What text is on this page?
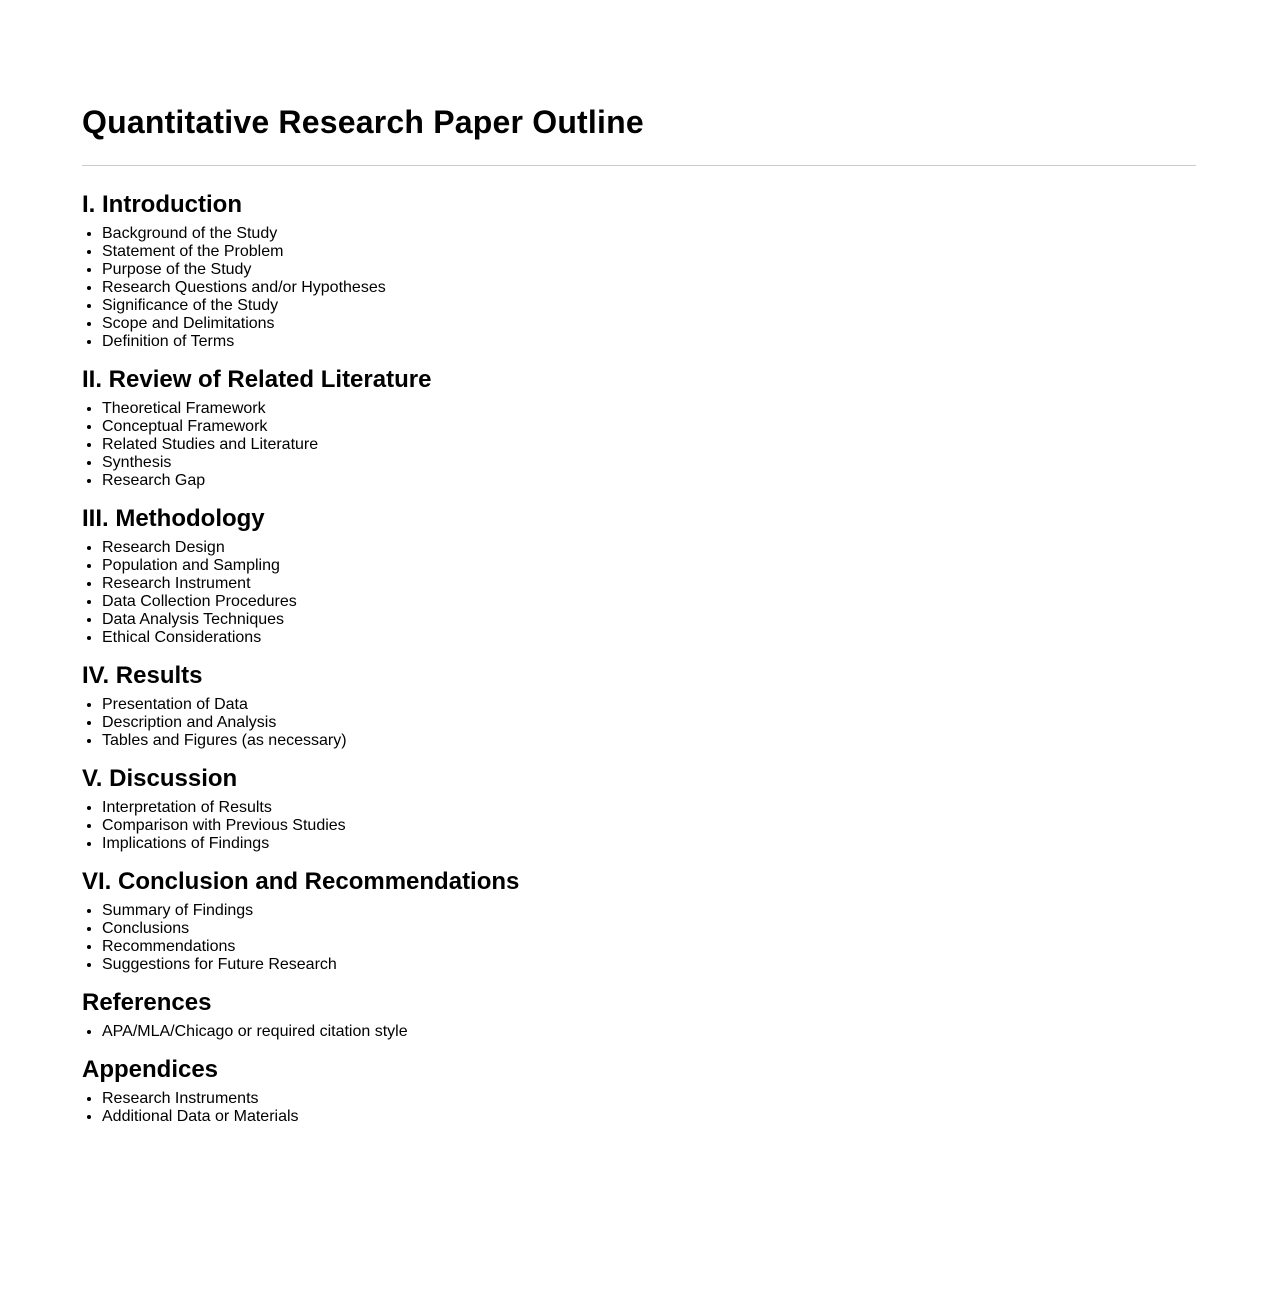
Quantitative Research Paper Outline
I. Introduction
• Background of the Study
• Statement of the Problem
• Purpose of the Study
• Research Questions and/or Hypotheses
• Significance of the Study
• Scope and Delimitations
• Definition of Terms
II. Review of Related Literature
• Theoretical Framework
• Conceptual Framework
• Related Studies and Literature
• Synthesis
• Research Gap
III. Methodology
• Research Design
• Population and Sampling
• Research Instrument
• Data Collection Procedures
• Data Analysis Techniques
• Ethical Considerations
IV. Results
• Presentation of Data
• Description and Analysis
• Tables and Figures (as necessary)
V. Discussion
• Interpretation of Results
• Comparison with Previous Studies
• Implications of Findings
VI. Conclusion and Recommendations
• Summary of Findings
• Conclusions
• Recommendations
• Suggestions for Future Research
References
• APA/MLA/Chicago or required citation style
Appendices
• Research Instruments
• Additional Data or Materials
